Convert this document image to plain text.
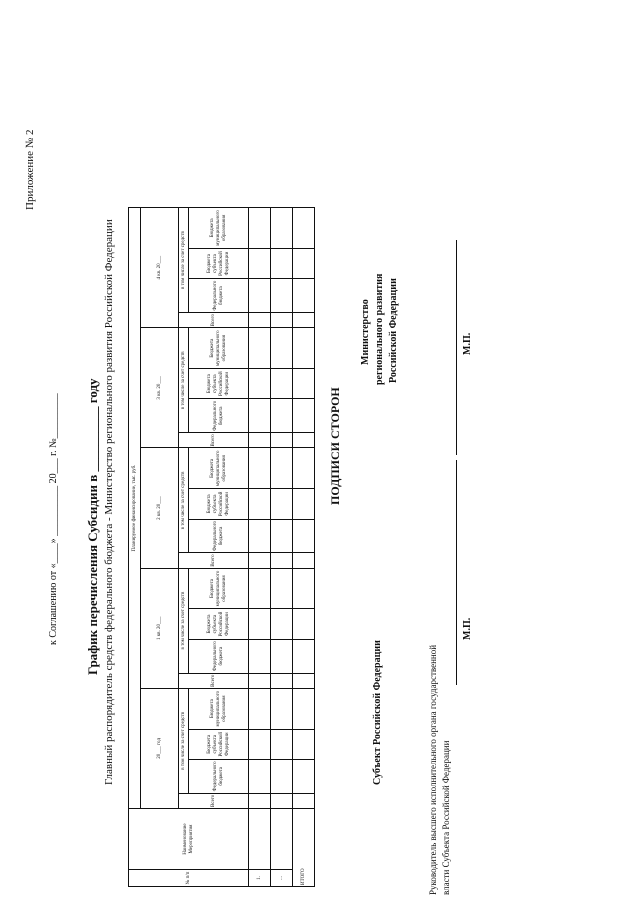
Приложение № 2
к Соглашению от «____» __________ 20___ г. №_________ График перечисления Субсидии в __________ году Главный распорядитель средств федерального бюджета - Министерство регионального развития Российской Федерации
№ п/п	Наименование Мероприятия	Планируемое финансирование, тыс. руб.																			
		20___ год				1 кв. 20___				2 кв. 20___				3 кв. 20___				4 кв. 20___			
		Всего	в том числе за счет средств			Всего	в том числе за счет средств			Всего	в том числе за счет средств			Всего	в том числе за счет средств			Всего	в том числе за счет средств		
			Федерального бюджета	Бюджета субъекта Российской Федерации	Бюджета муниципального образования		Федерального бюджета	Бюджета субъекта Российской Федерации	Бюджета муниципального образования		Федерального бюджета	Бюджета субъекта Российской Федерации	Бюджета муниципального образования		Федерального бюджета	Бюджета субъекта Российской Федерации	Бюджета муниципального образования		Федерального бюджета	Бюджета субъекта Российской Федерации	Бюджета муниципального образования
1.																					
...																					
ИТОГО																					
ПОДПИСИ СТОРОН
Субъект Российской Федерации
Министерство регионального развития Российской Федерации
Руководитель высшего исполнительного органа государственной власти Субъекта Российской Федерации
М.П.
М.П.
